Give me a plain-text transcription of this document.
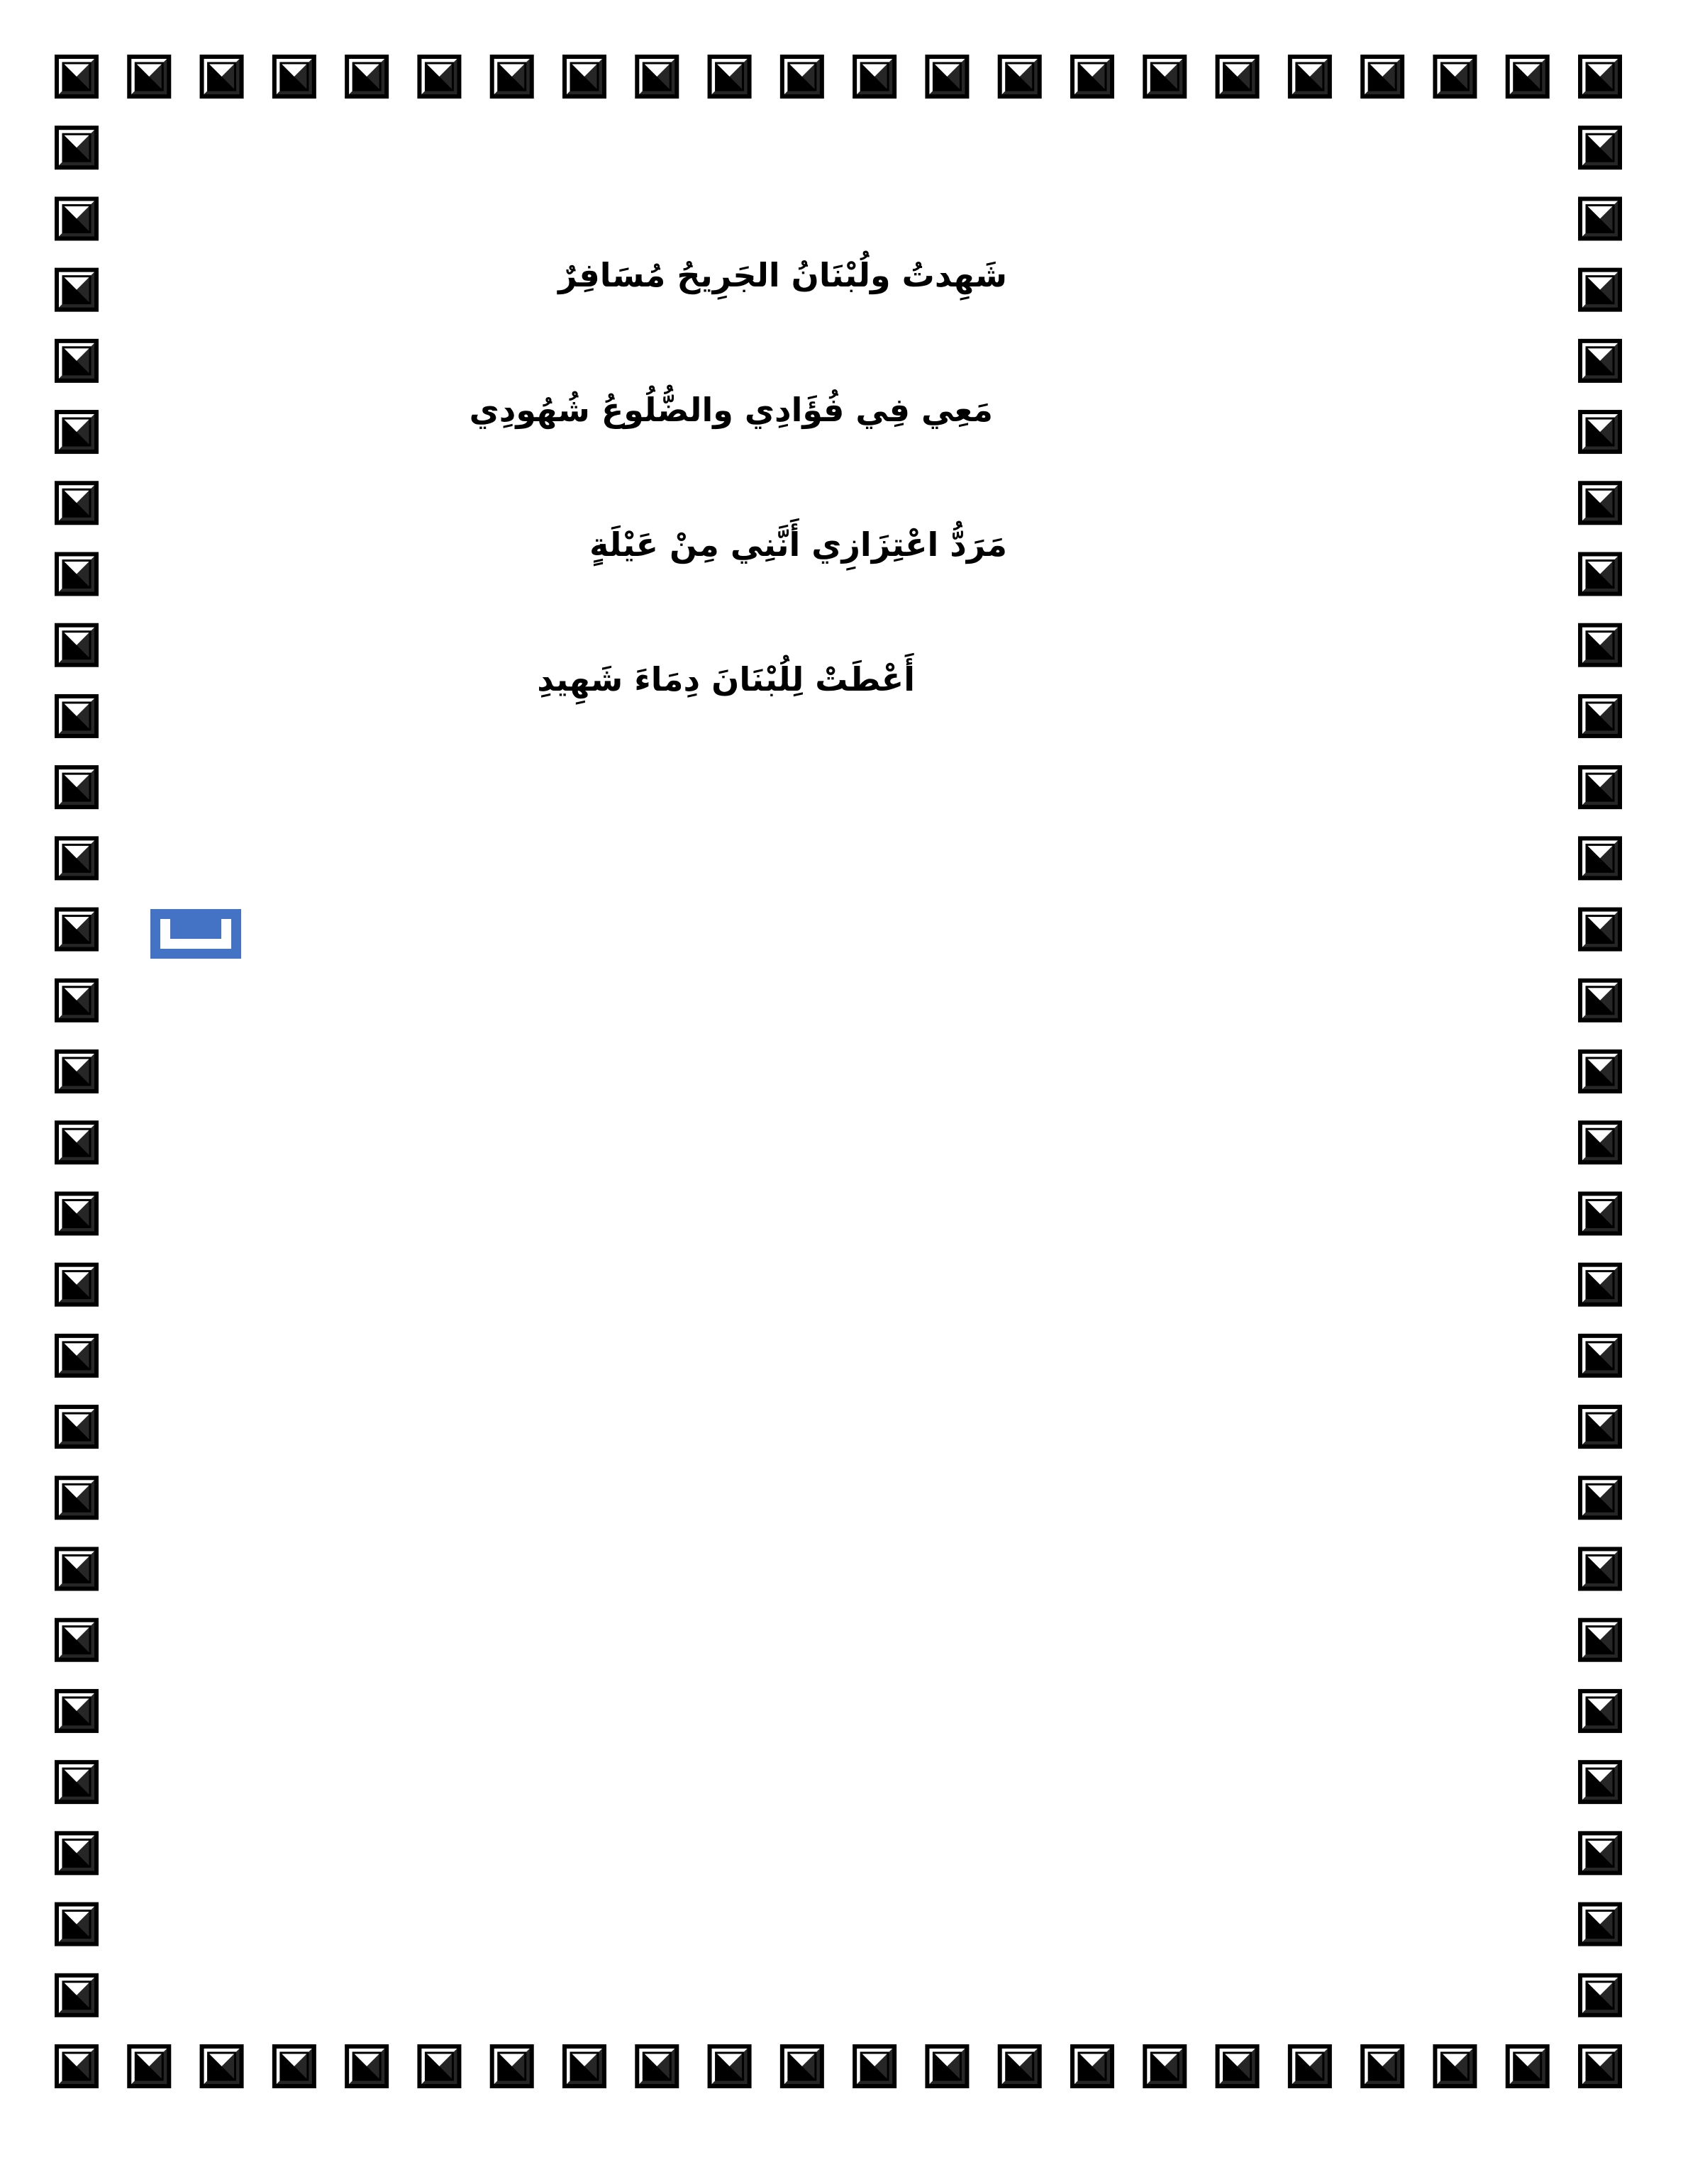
شَهِدتُ ولُبْنَانُ الجَرِيحُ مُسَافِرٌ
مَعِي فِي فُؤَادِي والضُّلُوعُ شُهُودِي
مَرَدُّ اعْتِزَازِي أَنَّنِي مِنْ عَيْلَةٍ
أَعْطَتْ لِلُبْنَانَ دِمَاءَ شَهِيدِ
